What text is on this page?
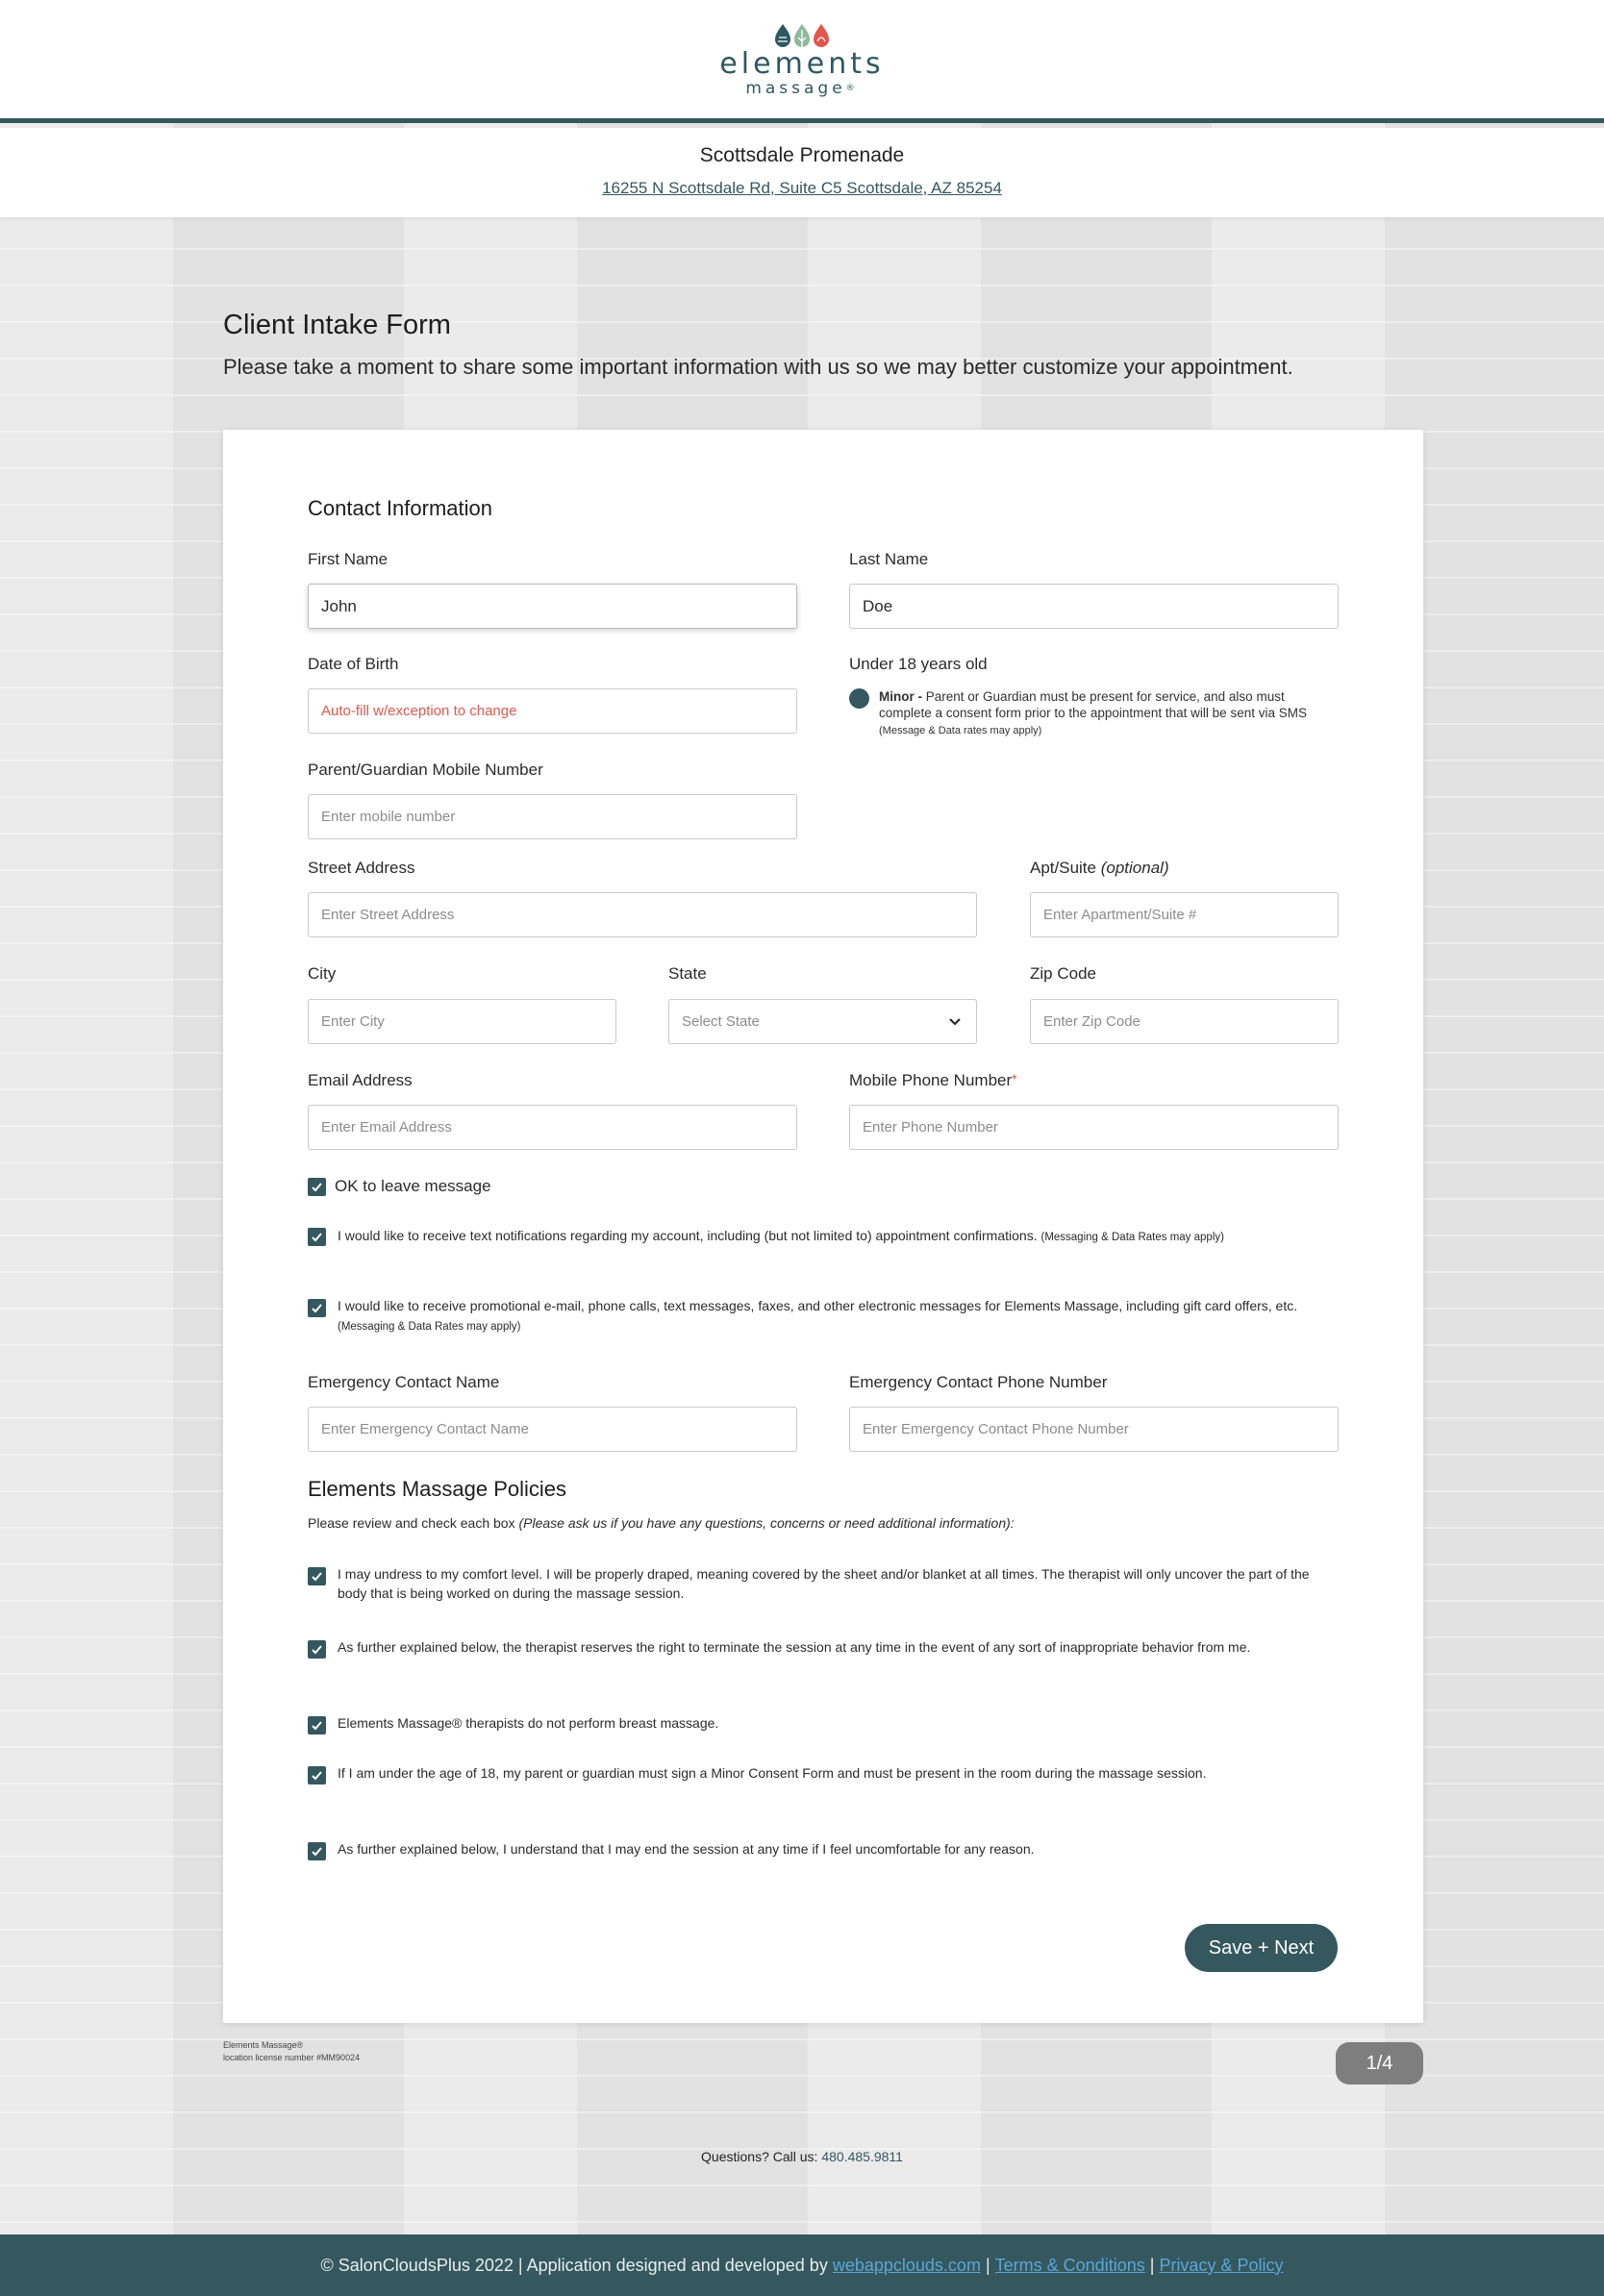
elements
massage®
Scottsdale Promenade
16255 N Scottsdale Rd, Suite C5 Scottsdale, AZ 85254
Client Intake Form

Please take a moment to share some important information with us so we may better customize your appointment.

Contact Information
First Name
John
Last Name
Doe
Date of Birth
Auto-fill w/exception to change
Under 18 years old
Minor - Parent or Guardian must be present for service, and also must complete a consent form prior to the appointment that will be sent via SMS (Message & Data rates may apply)
Parent/Guardian Mobile Number
Enter mobile number
Street Address
Enter Street Address
Apt/Suite (optional)
Enter Apartment/Suite #
City
Enter City
State
Select State
Zip Code
Enter Zip Code
Email Address
Enter Email Address
Mobile Phone Number*
Enter Phone Number
OK to leave message
I would like to receive text notifications regarding my account, including (but not limited to) appointment confirmations. (Messaging & Data Rates may apply)
I would like to receive promotional e-mail, phone calls, text messages, faxes, and other electronic messages for Elements Massage, including gift card offers, etc. (Messaging & Data Rates may apply)
Emergency Contact Name
Enter Emergency Contact Name
Emergency Contact Phone Number
Enter Emergency Contact Phone Number
Elements Massage Policies
Please review and check each box (Please ask us if you have any questions, concerns or need additional information):
I may undress to my comfort level. I will be properly draped, meaning covered by the sheet and/or blanket at all times. The therapist will only uncover the part of the body that is being worked on during the massage session.
As further explained below, the therapist reserves the right to terminate the session at any time in the event of any sort of inappropriate behavior from me.
Elements Massage® therapists do not perform breast massage.
If I am under the age of 18, my parent or guardian must sign a Minor Consent Form and must be present in the room during the massage session.
As further explained below, I understand that I may end the session at any time if I feel uncomfortable for any reason.
Save + Next
Elements Massage®
location license number #MM90024	1/4
Questions? Call us: 480.485.9811
© SalonCloudsPlus 2022 | Application designed and developed by
webappclouds.com
|
Terms & Conditions
|
Privacy & Policy
